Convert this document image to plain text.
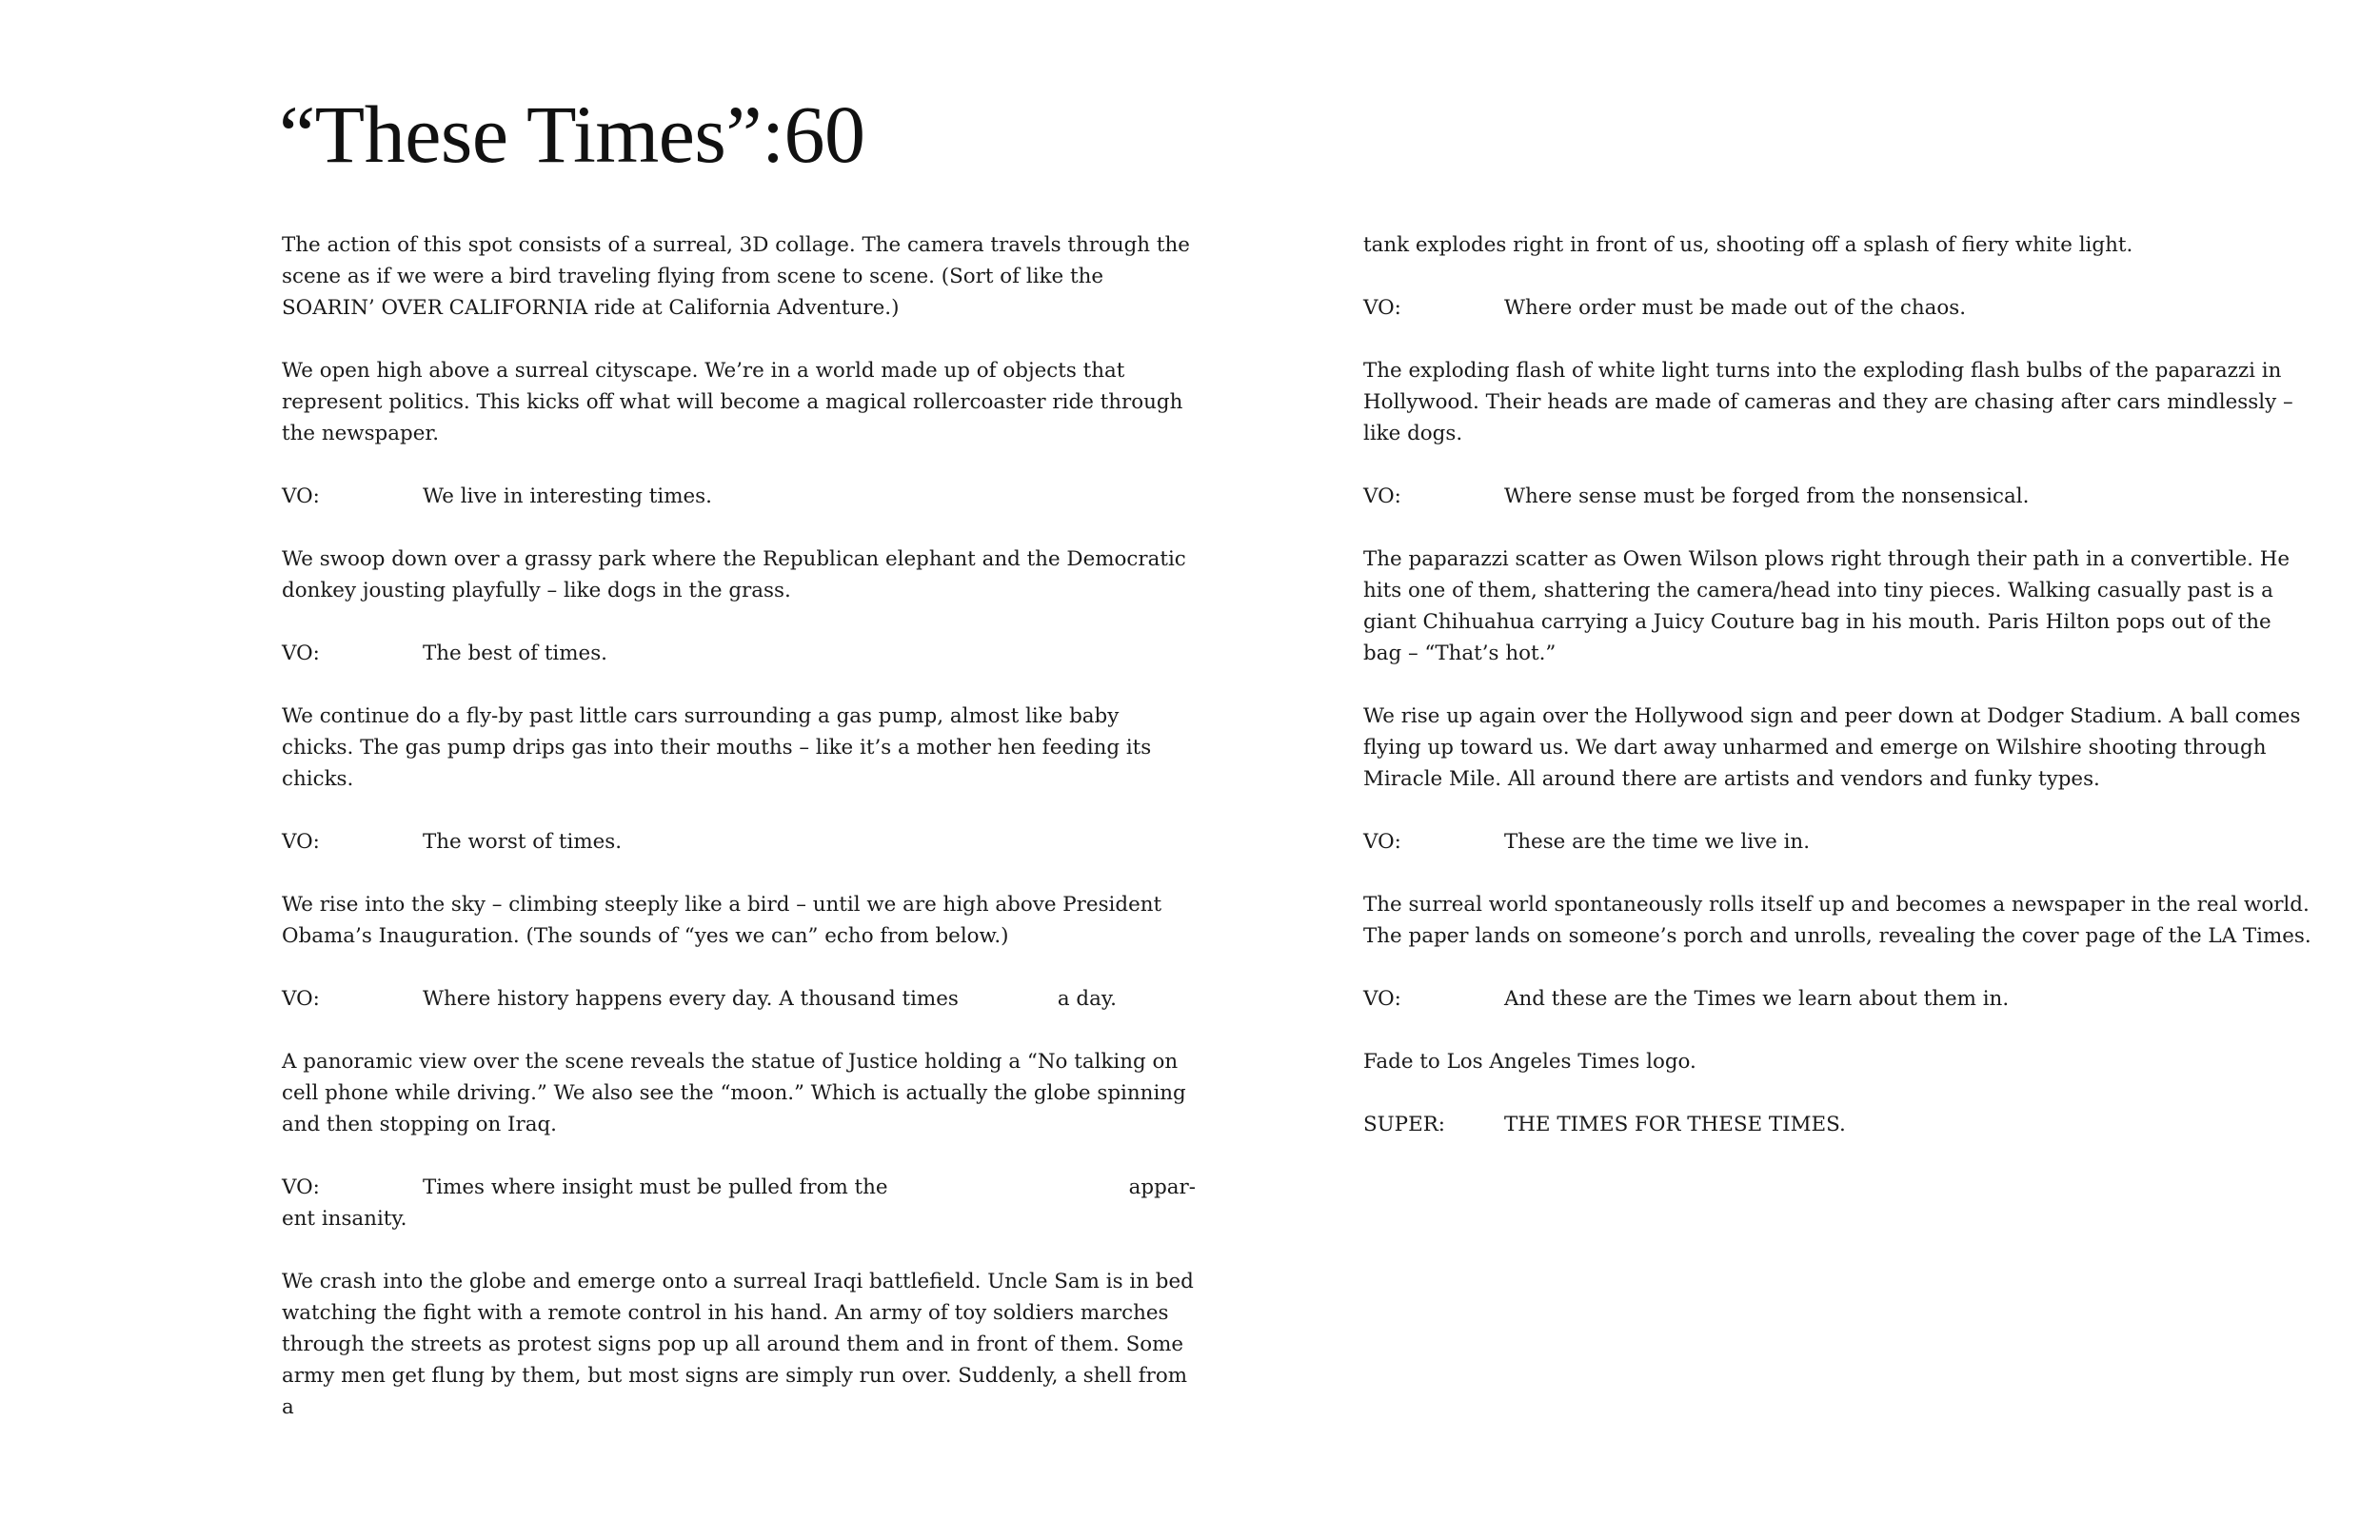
“These Times”:60

The action of this spot consists of a surreal, 3D collage. The camera travels through the scene as if we were a bird traveling flying from scene to scene. (Sort of like the SOARIN’ OVER CALIFORNIA ride at California Adventure.)

We open high above a surreal cityscape. We’re in a world made up of objects that represent politics. This kicks off what will become a magical rollercoaster ride through the newspaper.

VO:	We live in interesting times.

We swoop down over a grassy park where the Republican elephant and the Democratic donkey jousting playfully – like dogs in the grass.

VO:	The best of times.

We continue do a fly-by past little cars surrounding a gas pump, almost like baby chicks. The gas pump drips gas into their mouths – like it’s a mother hen feeding its chicks.

VO:	The worst of times.

We rise into the sky – climbing steeply like a bird – until we are high above President Obama’s Inauguration. (The sounds of “yes we can” echo from below.)

VO:	Where history happens every day. A thousand times	a day.

A panoramic view over the scene reveals the statue of Justice holding a “No talking on cell phone while driving.” We also see the “moon.” Which is actually the globe spinning and then stopping on Iraq.

VO:	Times where insight must be pulled from the	appar-
ent insanity.

We crash into the globe and emerge onto a surreal Iraqi battlefield. Uncle Sam is in bed watching the fight with a remote control in his hand. An army of toy soldiers marches through the streets as protest signs pop up all around them and in front of them. Some army men get flung by them, but most signs are simply run over. Suddenly, a shell from a

tank explodes right in front of us, shooting off a splash of fiery white light.

VO:	Where order must be made out of the chaos.

The exploding flash of white light turns into the exploding flash bulbs of the paparazzi in Hollywood. Their heads are made of cameras and they are chasing after cars mindlessly – like dogs.

VO:	Where sense must be forged from the nonsensical.

The paparazzi scatter as Owen Wilson plows right through their path in a convertible. He hits one of them, shattering the camera/head into tiny pieces. Walking casually past is a giant Chihuahua carrying a Juicy Couture bag in his mouth. Paris Hilton pops out of the bag – “That’s hot.”

We rise up again over the Hollywood sign and peer down at Dodger Stadium. A ball comes flying up toward us. We dart away unharmed and emerge on Wilshire shooting through Miracle Mile. All around there are artists and vendors and funky types.

VO:	These are the time we live in.

The surreal world spontaneously rolls itself up and becomes a newspaper in the real world. The paper lands on someone’s porch and unrolls, revealing the cover page of the LA Times.

VO:	And these are the Times we learn about them in.

Fade to Los Angeles Times logo.

SUPER:	THE TIMES FOR THESE TIMES.
